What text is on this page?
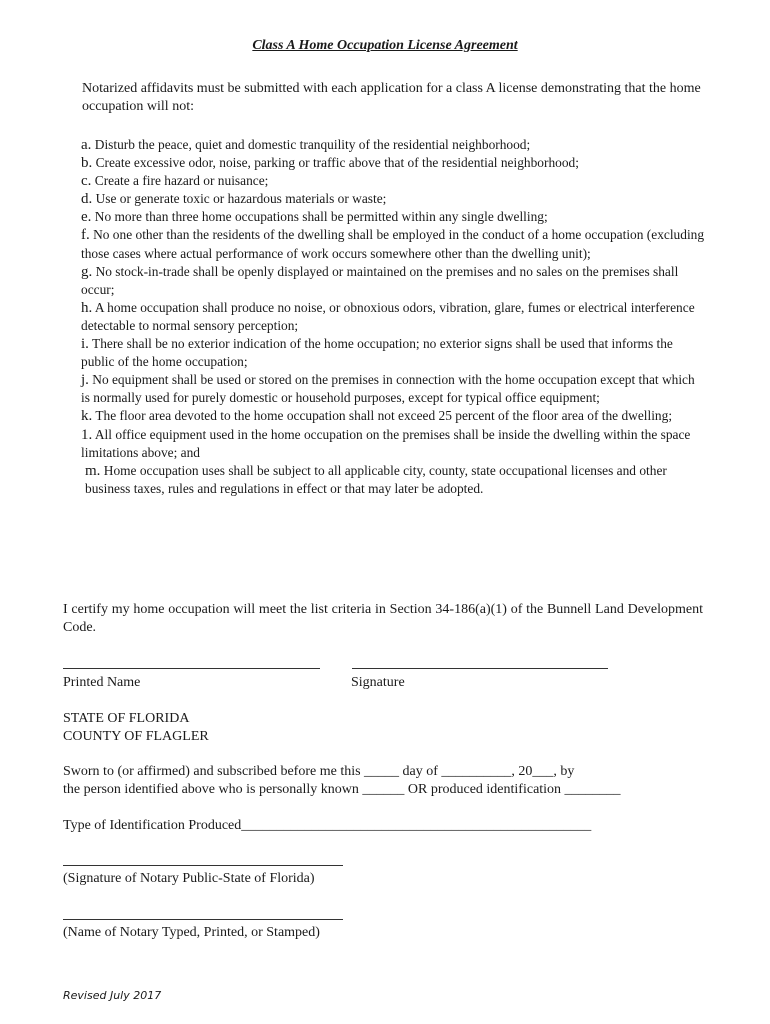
Class A Home Occupation License Agreement
Notarized affidavits must be submitted with each application for a class A license demonstrating that the home occupation will not:
a. Disturb the peace, quiet and domestic tranquility of the residential neighborhood;
b. Create excessive odor, noise, parking or traffic above that of the residential neighborhood;
c. Create a fire hazard or nuisance;
d. Use or generate toxic or hazardous materials or waste;
e. No more than three home occupations shall be permitted within any single dwelling;
f. No one other than the residents of the dwelling shall be employed in the conduct of a home occupation (excluding those cases where actual performance of work occurs somewhere other than the dwelling unit);
g. No stock-in-trade shall be openly displayed or maintained on the premises and no sales on the premises shall occur;
h. A home occupation shall produce no noise, or obnoxious odors, vibration, glare, fumes or electrical interference detectable to normal sensory perception;
i. There shall be no exterior indication of the home occupation; no exterior signs shall be used that informs the public of the home occupation;
j. No equipment shall be used or stored on the premises in connection with the home occupation except that which is normally used for purely domestic or household purposes, except for typical office equipment;
k. The floor area devoted to the home occupation shall not exceed 25 percent of the floor area of the dwelling;
1. All office equipment used in the home occupation on the premises shall be inside the dwelling within the space limitations above; and
m. Home occupation uses shall be subject to all applicable city, county, state occupational licenses and other business taxes, rules and regulations in effect or that may later be adopted.
I certify my home occupation will meet the list criteria in Section 34-186(a)(1) of the Bunnell Land Development Code.
Printed Name	Signature
STATE OF FLORIDA
COUNTY OF FLAGLER
Sworn to (or affirmed) and subscribed before me this _____ day of __________, 20___, by
the person identified above who is personally known ______ OR produced identification ________
Type of Identification Produced__________________________________________________
(Signature of Notary Public-State of Florida)
(Name of Notary Typed, Printed, or Stamped)
Revised July 2017
